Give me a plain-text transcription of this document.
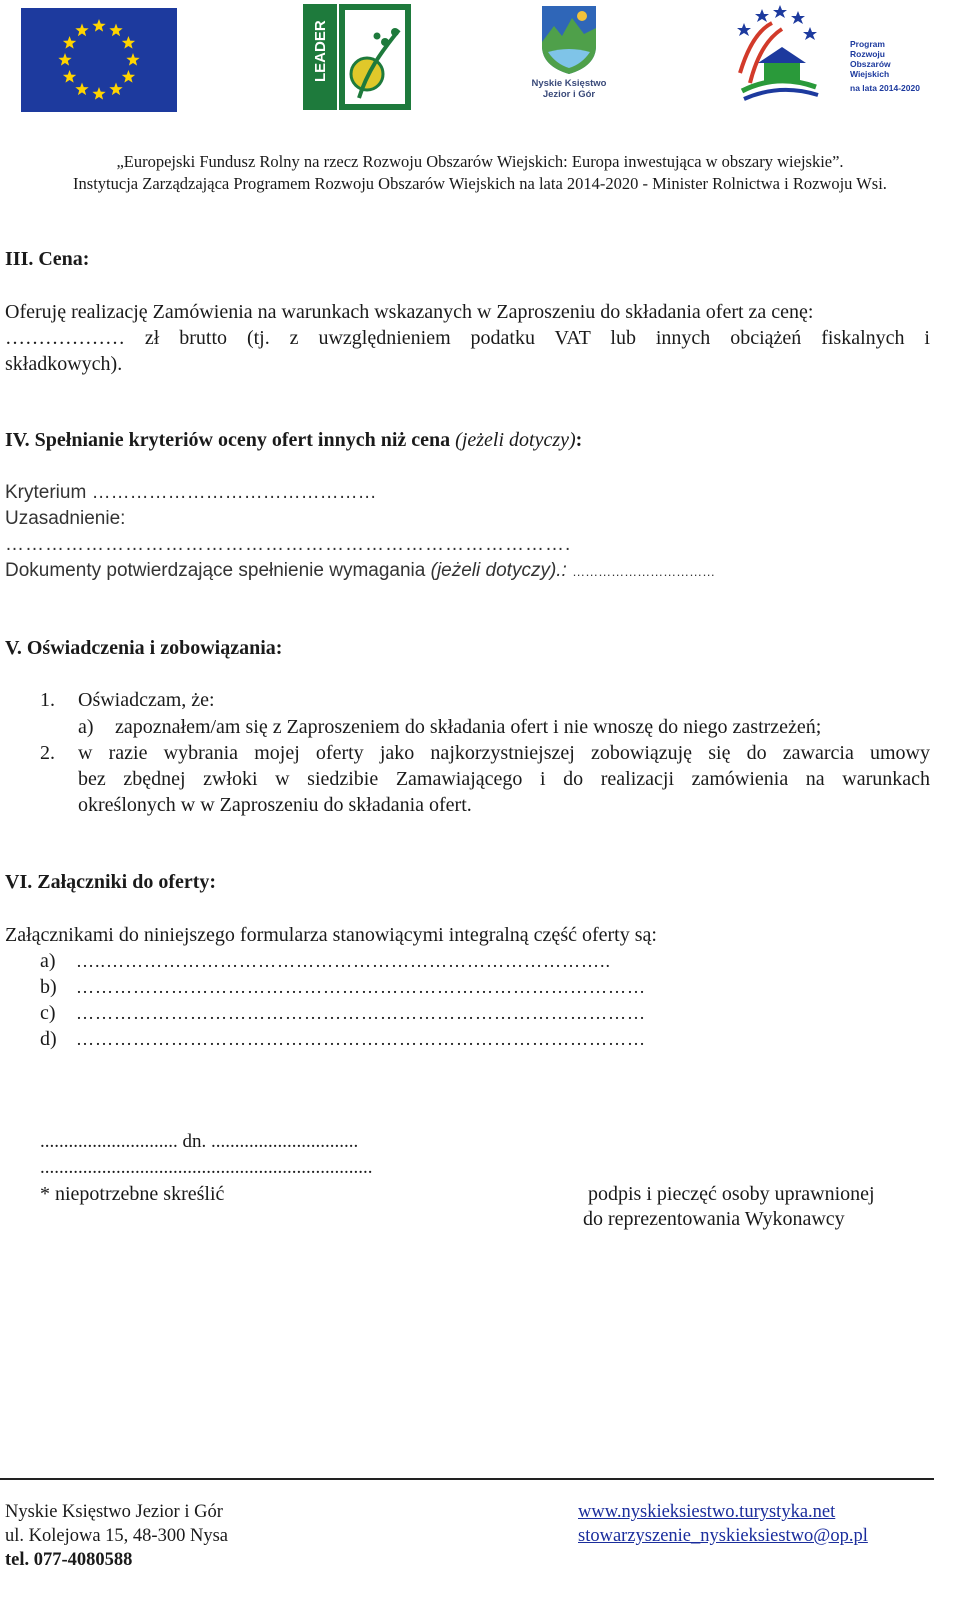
LEADER
Nyskie Księstwo
Jezior i Gór
Program
Rozwoju
Obszarów
Wiejskich
na lata 2014-2020
„Europejski Fundusz Rolny na rzecz Rozwoju Obszarów Wiejskich: Europa inwestująca w obszary wiejskie”.
Instytucja Zarządzająca Programem Rozwoju Obszarów Wiejskich na lata 2014-2020 - Minister Rolnictwa i Rozwoju Wsi.
III. Cena:
Oferuję realizację Zamówienia na warunkach wskazanych w Zaproszeniu do składania ofert za cenę:
……………… zł brutto (tj. z uwzględnieniem podatku VAT lub innych obciążeń fiskalnych i
składkowych).
IV. Spełnianie kryteriów oceny ofert innych niż cena (jeżeli dotyczy):
Kryterium ………………………………………
Uzasadnienie:
………………………………………………………………………….
Dokumenty potwierdzające spełnienie wymagania (jeżeli dotyczy).: ……………………………
V. Oświadczenia i zobowiązania:
1. Oświadczam, że:
a) zapoznałem/am się z Zaproszeniem do składania ofert i nie wnoszę do niego zastrzeżeń;
2. w razie wybrania mojej oferty jako najkorzystniejszej zobowiązuję się do zawarcia umowy
bez zbędnej zwłoki w siedzibie Zamawiającego i do realizacji zamówienia na warunkach
określonych w w Zaproszeniu do składania ofert.
VI. Załączniki do oferty:
Załącznikami do niniejszego formularza stanowiącymi integralną część oferty są:
a) …..……………………………………………………………………..
b) ………………………………………………………………………………
c) ………………………………………………………………………………
d) ………………………………………………………………………………
............................. dn. ...............................
......................................................................
* niepotrzebne skreślić	podpis i pieczęć osoby uprawnionej
do reprezentowania Wykonawcy
Nyskie Księstwo Jezior i Gór
ul. Kolejowa 15, 48-300 Nysa
tel. 077-4080588
www.nyskieksiestwo.turystyka.net
stowarzyszenie_nyskieksiestwo@op.pl
